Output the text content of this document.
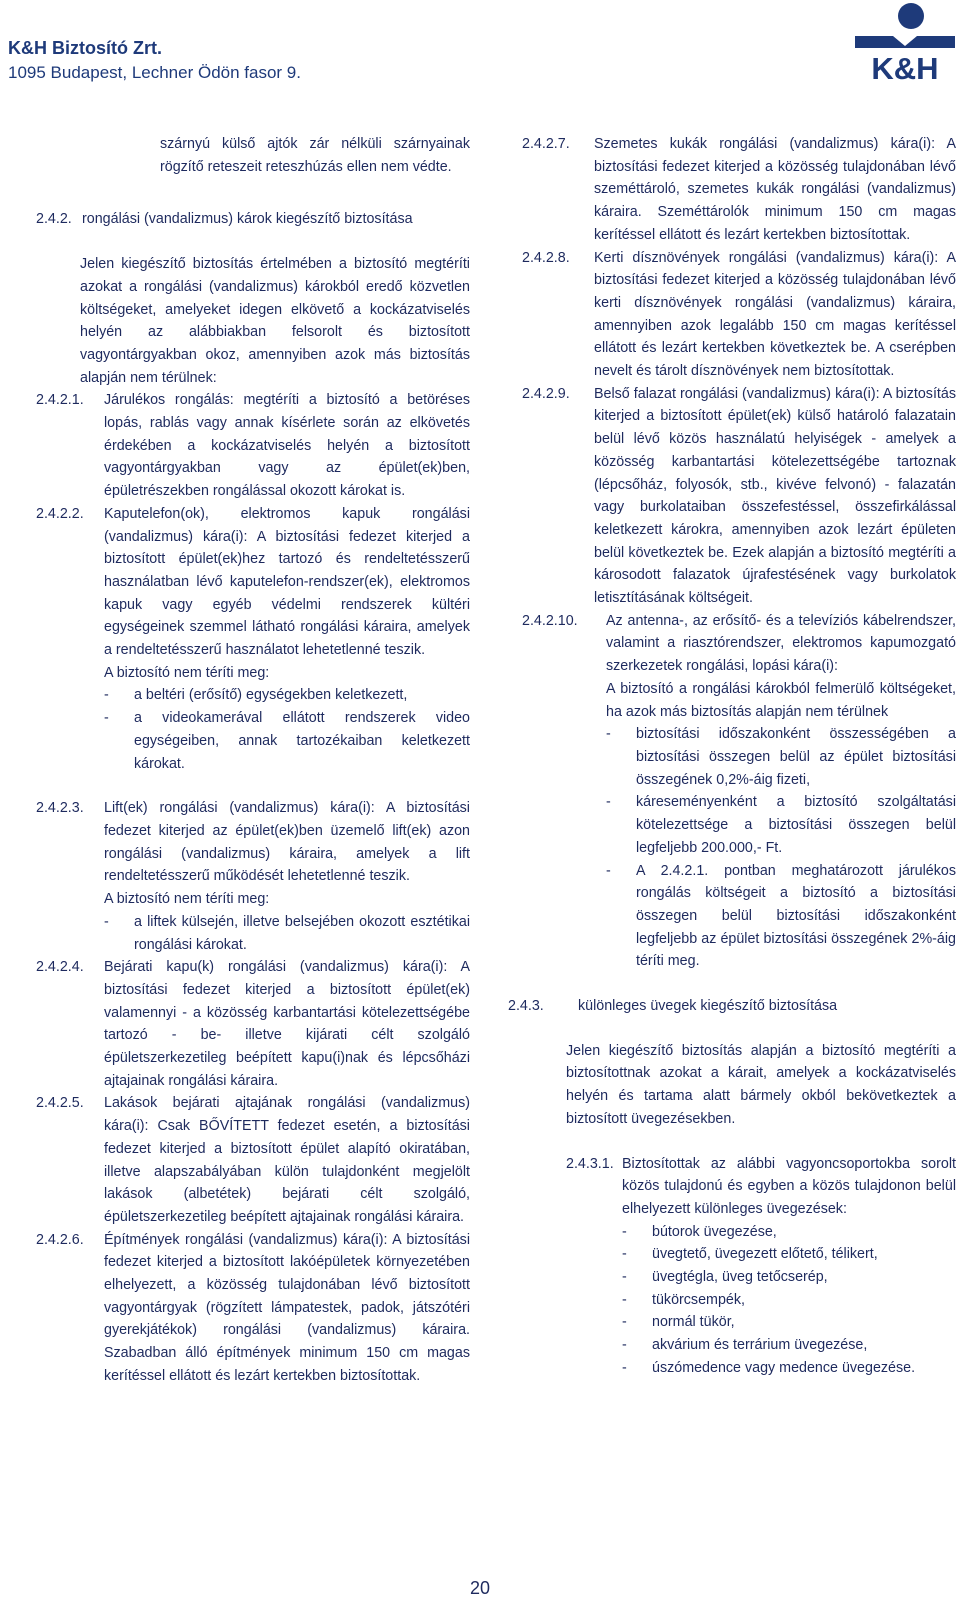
K&H Biztosító Zrt.
1095 Budapest, Lechner Ödön fasor 9.	K&H

szárnyú külső ajtók zár nélküli szárnyainak rögzítő reteszeit reteszhúzás ellen nem védte.

2.4.2. rongálási (vandalizmus) károk kiegészítő biztosítása

Jelen kiegészítő biztosítás értelmében a biztosító megtéríti azokat a rongálási (vandalizmus) károkból eredő közvetlen költségeket, amelyeket idegen elkövető a kockázatviselés helyén az alábbiakban felsorolt és biztosított vagyontárgyakban okoz, amennyiben azok más biztosítás alapján nem térülnek:

2.4.2.1.	Járulékos rongálás: megtéríti a biztosító a betöréses lopás, rablás vagy annak kísérlete során az elkövetés érdekében a kockázatviselés helyén a biztosított vagyontárgyakban vagy az épület(ek)ben, épületrészekben rongálással okozott károkat is.
2.4.2.2.	Kaputelefon(ok), elektromos kapuk rongálási (vandalizmus) kára(i): A biztosítási fedezet kiterjed a biztosított épület(ek)hez tartozó és rendeltetésszerű használatban lévő kaputelefon-rendszer(ek), elektromos kapuk vagy egyéb védelmi rendszerek kültéri egységeinek szemmel látható rongálási káraira, amelyek a rendeltetésszerű használatot lehetetlenné teszik.
A biztosító nem téríti meg:
-	a beltéri (erősítő) egységekben keletkezett,
-	a videokamerával ellátott rendszerek video egységeiben, annak tartozékaiban keletkezett károkat.
2.4.2.3.	Lift(ek) rongálási (vandalizmus) kára(i): A biztosítási fedezet kiterjed az épület(ek)ben üzemelő lift(ek) azon rongálási (vandalizmus) káraira, amelyek a lift rendeltetésszerű működését lehetetlenné teszik.
A biztosító nem téríti meg:
-	a liftek külsején, illetve belsejében okozott esztétikai rongálási károkat.
2.4.2.4.	Bejárati kapu(k) rongálási (vandalizmus) kára(i): A biztosítási fedezet kiterjed a biztosított épület(ek) valamennyi - a közösség karbantartási kötelezettségébe tartozó - be- illetve kijárati célt szolgáló épületszerkezetileg beépített kapu(i)nak és lépcsőházi ajtajainak rongálási káraira.
2.4.2.5.	Lakások bejárati ajtajának rongálási (vandalizmus) kára(i): Csak BŐVÍTETT fedezet esetén, a biztosítási fedezet kiterjed a biztosított épület alapító okiratában, illetve alapszabályában külön tulajdonként megjelölt lakások (albetétek) bejárati célt szolgáló, épületszerkezetileg beépített ajtajainak rongálási káraira.
2.4.2.6.	Építmények rongálási (vandalizmus) kára(i): A biztosítási fedezet kiterjed a biztosított lakóépületek környezetében elhelyezett, a közösség tulajdonában lévő biztosított vagyontárgyak (rögzített lámpatestek, padok, játszótéri gyerekjátékok) rongálási (vandalizmus) káraira. Szabadban álló építmények minimum 150 cm magas kerítéssel ellátott és lezárt kertekben biztosítottak.
2.4.2.7.	Szemetes kukák rongálási (vandalizmus) kára(i): A biztosítási fedezet kiterjed a közösség tulajdonában lévő szeméttároló, szemetes kukák rongálási (vandalizmus) káraira. Szeméttárolók minimum 150 cm magas kerítéssel ellátott és lezárt kertekben biztosítottak.
2.4.2.8.	Kerti dísznövények rongálási (vandalizmus) kára(i): A biztosítási fedezet kiterjed a közösség tulajdonában lévő kerti dísznövények rongálási (vandalizmus) káraira, amennyiben azok legalább 150 cm magas kerítéssel ellátott és lezárt kertekben következtek be. A cserépben nevelt és tárolt dísznövények nem biztosítottak.
2.4.2.9.	Belső falazat rongálási (vandalizmus) kára(i): A biztosítás kiterjed a biztosított épület(ek) külső határoló falazatain belül lévő közös használatú helyiségek - amelyek a közösség karbantartási kötelezettségébe tartoznak (lépcsőház, folyosók, stb., kivéve felvonó) - falazatán vagy burkolataiban összefestéssel, összefirkálással keletkezett károkra, amennyiben azok lezárt épületen belül következtek be. Ezek alapján a biztosító megtéríti a károsodott falazatok újrafestésének vagy burkolatok letisztításának költségeit.
2.4.2.10.	Az antenna-, az erősítő- és a televíziós kábelrendszer, valamint a riasztórendszer, elektromos kapumozgató szerkezetek rongálási, lopási kára(i):
A biztosító a rongálási károkból felmerülő költségeket, ha azok más biztosítás alapján nem térülnek
-	biztosítási időszakonként összességében a biztosítási összegen belül az épület biztosítási összegének 0,2%-áig fizeti,
-	káreseményenként a biztosító szolgáltatási kötelezettsége a biztosítási összegen belül legfeljebb 200.000,- Ft.
-	A 2.4.2.1. pontban meghatározott járulékos rongálás költségeit a biztosító a biztosítási összegen belül biztosítási időszakonként legfeljebb az épület biztosítási összegének 2%-áig téríti meg.
2.4.3.	különleges üvegek kiegészítő biztosítása

Jelen kiegészítő biztosítás alapján a biztosító megtéríti a biztosítottnak azokat a kárait, amelyek a kockázatviselés helyén és tartama alatt bármely okból bekövetkeztek a biztosított üvegezésekben.

2.4.3.1. Biztosítottak az alábbi vagyoncsoportokba sorolt közös tulajdonú és egyben a közös tulajdonon belül elhelyezett különleges üvegezések:
-	bútorok üvegezése,
-	üvegtető, üvegezett előtető, télikert,
-	üvegtégla, üveg tetőcserép,
-	tükörcsempék,
-	normál tükör,
-	akvárium és terrárium üvegezése,
-	úszómedence vagy medence üvegezése.
20
